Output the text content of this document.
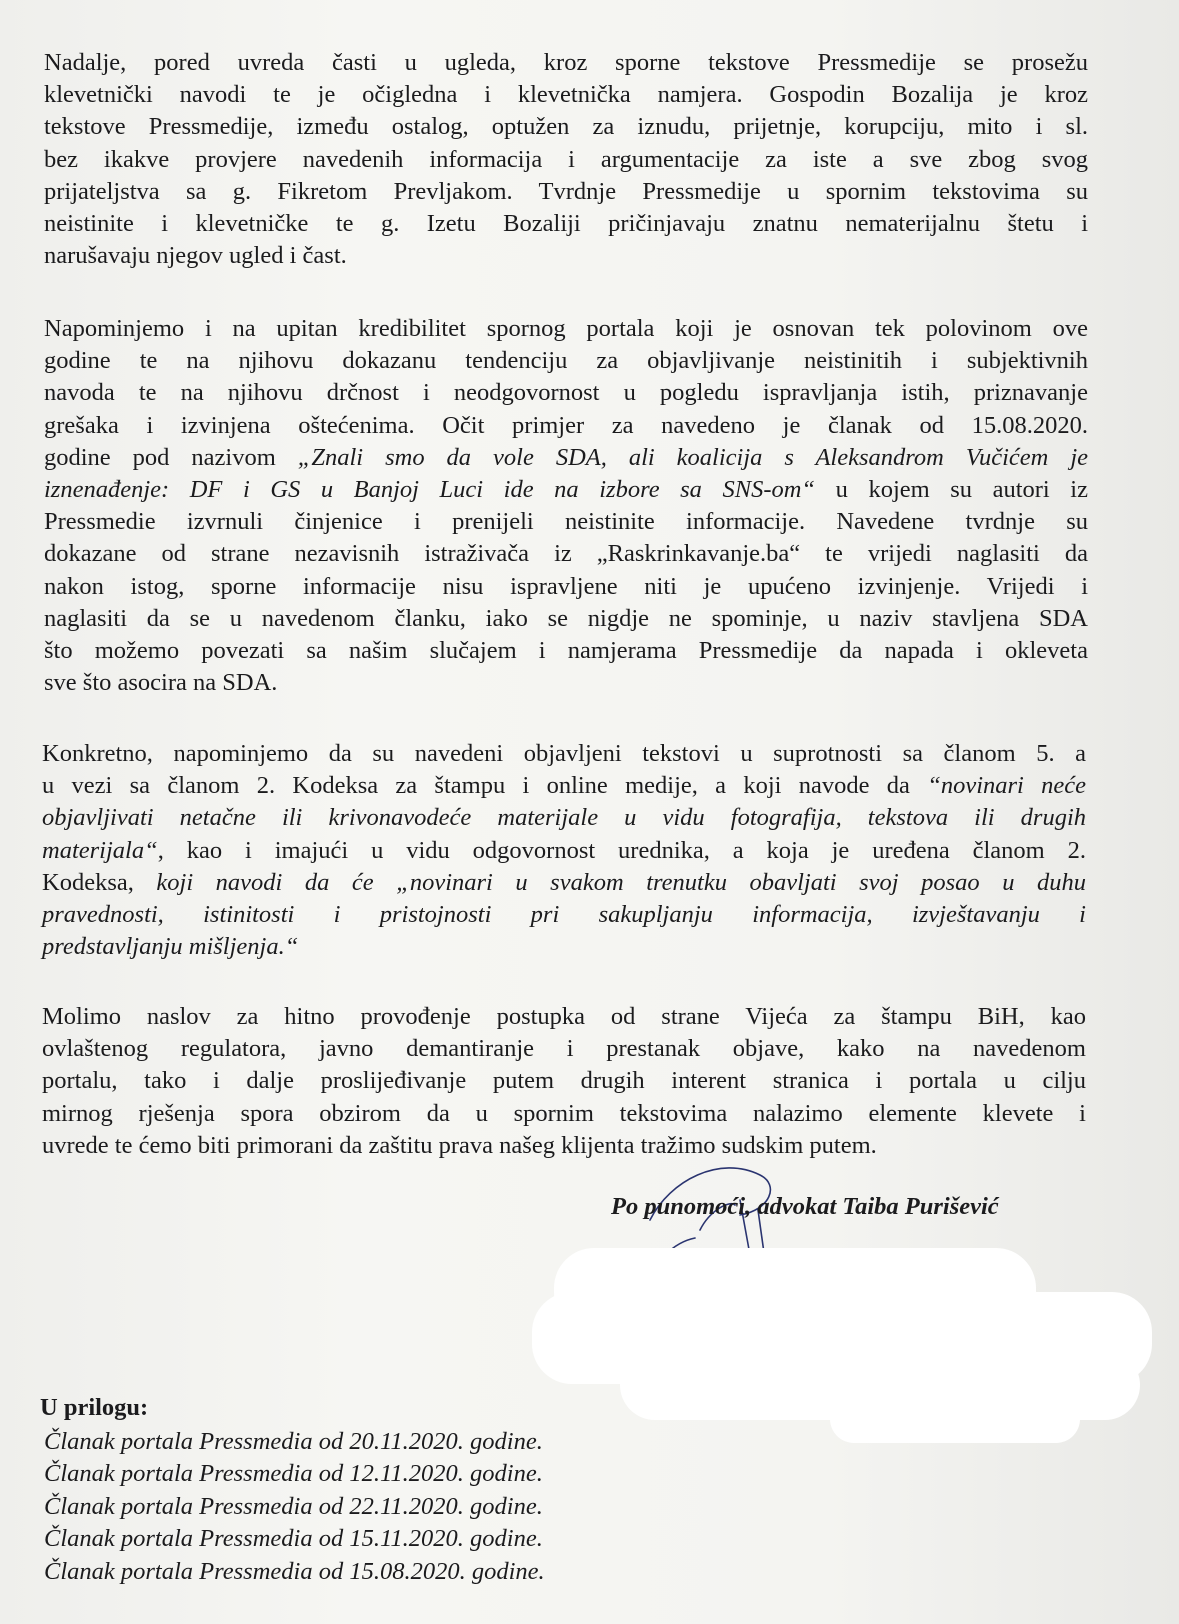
Nadalje, pored uvreda časti u ugleda, kroz sporne tekstove Pressmedije se prosežu
klevetnički navodi te je očigledna i klevetnička namjera. Gospodin Bozalija je kroz
tekstove Pressmedije, između ostalog, optužen za iznudu, prijetnje, korupciju, mito i sl.
bez ikakve provjere navedenih informacija i argumentacije za iste a sve zbog svog
prijateljstva sa g. Fikretom Prevljakom. Tvrdnje Pressmedije u spornim tekstovima su
neistinite i klevetničke te g. Izetu Bozaliji pričinjavaju znatnu nematerijalnu štetu i
narušavaju njegov ugled i čast.
Napominjemo i na upitan kredibilitet spornog portala koji je osnovan tek polovinom ove
godine te na njihovu dokazanu tendenciju za objavljivanje neistinitih i subjektivnih
navoda te na njihovu drčnost i neodgovornost u pogledu ispravljanja istih, priznavanje
grešaka i izvinjena oštećenima. Očit primjer za navedeno je članak od 15.08.2020.
godine pod nazivom „Znali smo da vole SDA, ali koalicija s Aleksandrom Vučićem je
iznenađenje: DF i GS u Banjoj Luci ide na izbore sa SNS-om“ u kojem su autori iz
Pressmedie izvrnuli činjenice i prenijeli neistinite informacije. Navedene tvrdnje su
dokazane od strane nezavisnih istraživača iz „Raskrinkavanje.ba“ te vrijedi naglasiti da
nakon istog, sporne informacije nisu ispravljene niti je upućeno izvinjenje. Vrijedi i
naglasiti da se u navedenom članku, iako se nigdje ne spominje, u naziv stavljena SDA
što možemo povezati sa našim slučajem i namjerama Pressmedije da napada i okleveta
sve što asocira na SDA.
Konkretno, napominjemo da su navedeni objavljeni tekstovi u suprotnosti sa članom 5. a
u vezi sa članom 2. Kodeksa za štampu i online medije, a koji navode da “novinari neće
objavljivati netačne ili krivonavodeće materijale u vidu fotografija, tekstova ili drugih
materijala“, kao i imajući u vidu odgovornost urednika, a koja je uređena članom 2.
Kodeksa, koji navodi da će „novinari u svakom trenutku obavljati svoj posao u duhu
pravednosti, istinitosti i pristojnosti pri sakupljanju informacija, izvještavanju i
predstavljanju mišljenja.“
Molimo naslov za hitno provođenje postupka od strane Vijeća za štampu BiH, kao
ovlaštenog regulatora, javno demantiranje i prestanak objave, kako na navedenom
portalu, tako i dalje proslijeđivanje putem drugih interent stranica i portala u cilju
mirnog rješenja spora obzirom da u spornim tekstovima nalazimo elemente klevete i
uvrede te ćemo biti primorani da zaštitu prava našeg klijenta tražimo sudskim putem.
Po punomoći, advokat Taiba Purišević
U prilogu:
Članak portala Pressmedia od 20.11.2020. godine.
Članak portala Pressmedia od 12.11.2020. godine.
Članak portala Pressmedia od 22.11.2020. godine.
Članak portala Pressmedia od 15.11.2020. godine.
Članak portala Pressmedia od 15.08.2020. godine.
